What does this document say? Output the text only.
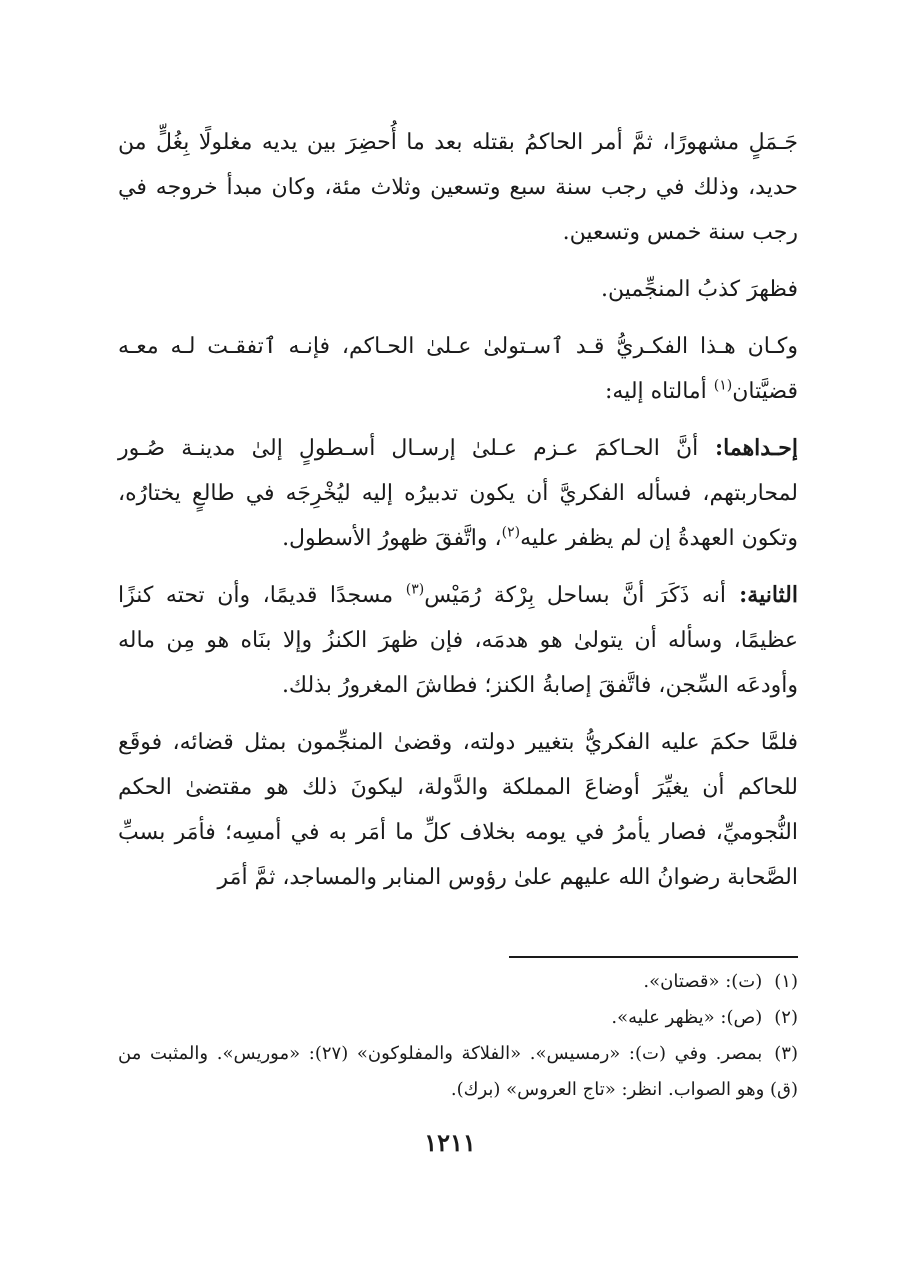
جَـمَلٍ مشهورًا، ثمَّ أمر الحاكمُ بقتله بعد ما أُحضِرَ بين يديه مغلولًا بِغُلٍّ من حديد، وذلك في رجب سنة سبع وتسعين وثلاث مئة، وكان مبدأ خروجه في رجب سنة خمس وتسعين.

فظهرَ كذبُ المنجِّمين.

وكـان هـذا الفكـريُّ قـد ٱسـتولىٰ عـلىٰ الحـاكم، فإنـه ٱتفقـت لـه معـه قضيَّتان$^{(١)}$ أمالتاه إليه:

إحـداهما: أنَّ الحـاكمَ عـزم عـلىٰ إرسـال أسـطولٍ إلىٰ مدينـة صُـور لمحاربتهم، فسأله الفكريَّ أن يكون تدبيرُه إليه ليُخْرِجَه في طالعٍ يختارُه، وتكون العهدةُ إن لم يظفر عليه$^{(٢)}$، واتَّفقَ ظهورُ الأسطول.

الثانية: أنه ذَكَرَ أنَّ بساحل بِرْكة رُمَيْس$^{(٣)}$ مسجدًا قديمًا، وأن تحته كنزًا عظيمًا، وسأله أن يتولىٰ هو هدمَه، فإن ظهرَ الكنزُ وإلا بنَاه هو مِن ماله وأودعَه السِّجن، فاتَّفقَ إصابةُ الكنز؛ فطاشَ المغرورُ بذلك.

فلمَّا حكمَ عليه الفكريُّ بتغيير دولته، وقضىٰ المنجِّمون بمثل قضائه، فوقَع للحاكم أن يغيِّرَ أوضاعَ المملكة والدَّولة، ليكونَ ذلك هو مقتضىٰ الحكم النُّجوميِّ، فصار يأمرُ في يومه بخلاف كلِّ ما أمَر به في أمسِه؛ فأمَر بسبِّ الصَّحابة رضوانُ الله عليهم علىٰ رؤوس المنابر والمساجد، ثمَّ أمَر

(١)(ت): «قصتان».

(٢)(ص): «يظهر عليه».

(٣)بمصر. وفي (ت): «رمسيس». «الفلاكة والمفلوكون» (٢٧): «موريس». والمثبت من (ق) وهو الصواب. انظر: «تاج العروس» (برك).

١٢١١
